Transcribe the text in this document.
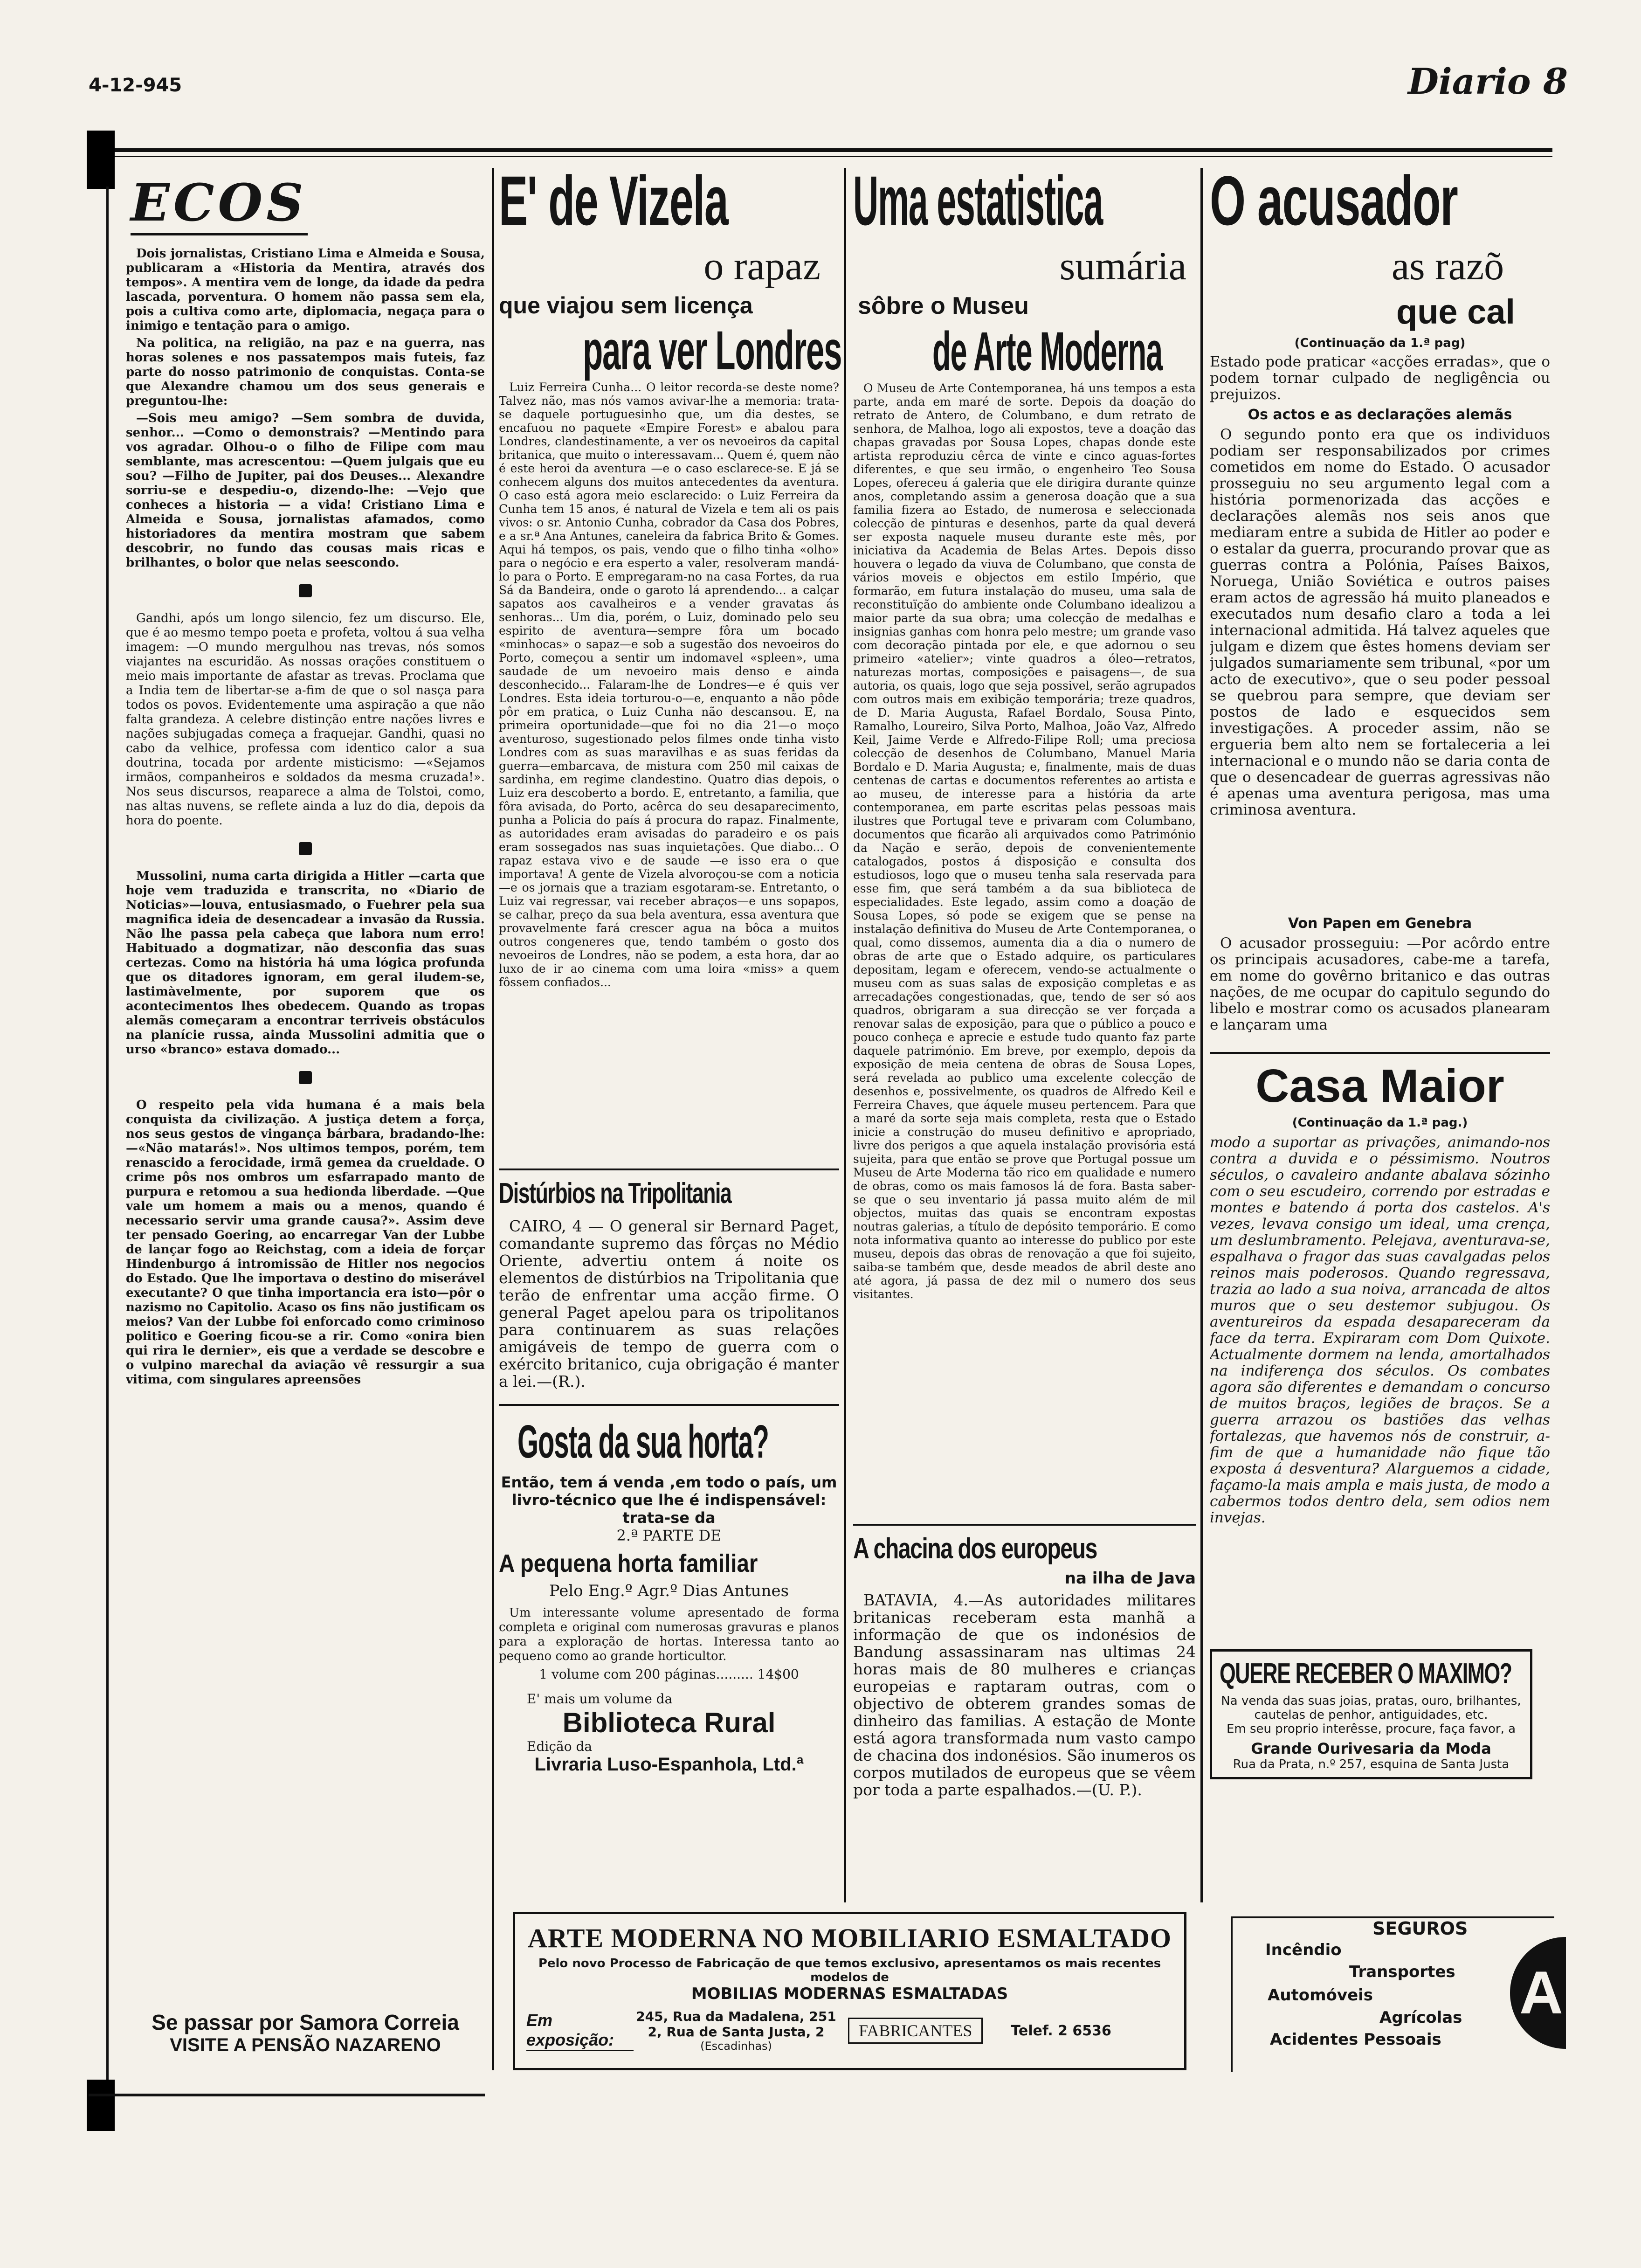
4-12-945	Diario 8
ECOS

Dois jornalistas, Cristiano Lima e Almeida e Sousa, publicaram a «Historia da Mentira, através dos tempos». A mentira vem de longe, da idade da pedra lascada, porventura. O homem não passa sem ela, pois a cultiva como arte, diplomacia, negaça para o inimigo e tentação para o amigo.

Na politica, na religião, na paz e na guerra, nas horas solenes e nos passatempos mais futeis, faz parte do nosso patrimonio de conquistas. Conta-se que Alexandre chamou um dos seus generais e preguntou-lhe:

—Sois meu amigo? —Sem sombra de duvida, senhor... —Como o demonstrais? —Mentindo para vos agradar. Olhou-o o filho de Filipe com mau semblante, mas acrescentou: —Quem julgais que eu sou? —Filho de Jupiter, pai dos Deuses... Alexandre sorriu-se e despediu-o, dizendo-lhe: —Vejo que conheces a historia — a vida! Cristiano Lima e Almeida e Sousa, jornalistas afamados, como historiadores da mentira mostram que sabem descobrir, no fundo das cousas mais ricas e brilhantes, o bolor que nelas seescondo.

Gandhi, após um longo silencio, fez um discurso. Ele, que é ao mesmo tempo poeta e profeta, voltou á sua velha imagem: —O mundo mergulhou nas trevas, nós somos viajantes na escuridão. As nossas orações constituem o meio mais importante de afastar as trevas. Proclama que a India tem de libertar-se a-fim de que o sol nasça para todos os povos. Evidentemente uma aspiração a que não falta grandeza. A celebre distinção entre nações livres e nações subjugadas começa a fraquejar. Gandhi, quasi no cabo da velhice, professa com identico calor a sua doutrina, tocada por ardente misticismo: —«Sejamos irmãos, companheiros e soldados da mesma cruzada!». Nos seus discursos, reaparece a alma de Tolstoi, como, nas altas nuvens, se reflete ainda a luz do dia, depois da hora do poente.

Mussolini, numa carta dirigida a Hitler —carta que hoje vem traduzida e transcrita, no «Diario de Noticias»—louva, entusiasmado, o Fuehrer pela sua magnifica ideia de desencadear a invasão da Russia. Não lhe passa pela cabeça que labora num erro! Habituado a dogmatizar, não desconfia das suas certezas. Como na história há uma lógica profunda que os ditadores ignoram, em geral iludem-se, lastimàvelmente, por suporem que os acontecimentos lhes obedecem. Quando as tropas alemãs começaram a encontrar terriveis obstáculos na planície russa, ainda Mussolini admitia que o urso «branco» estava domado...

O respeito pela vida humana é a mais bela conquista da civilização. A justiça detem a força, nos seus gestos de vingança bárbara, bradando-lhe: —«Não matarás!». Nos ultimos tempos, porém, tem renascido a ferocidade, irmã gemea da crueldade. O crime pôs nos ombros um esfarrapado manto de purpura e retomou a sua hedionda liberdade. —Que vale um homem a mais ou a menos, quando é necessario servir uma grande causa?». Assim deve ter pensado Goering, ao encarregar Van der Lubbe de lançar fogo ao Reichstag, com a ideia de forçar Hindenburgo á intromissão de Hitler nos negocios do Estado. Que lhe importava o destino do miserável executante? O que tinha importancia era isto—pôr o nazismo no Capitolio. Acaso os fins não justificam os meios? Van der Lubbe foi enforcado como criminoso politico e Goering ficou-se a rir. Como «onira bien qui rira le dernier», eis que a verdade se descobre e o vulpino marechal da aviação vê ressurgir a sua vitima, com singulares apreensões

Se passar por Samora Correia
VISITE A PENSÃO NAZARENO
E' de Vizela
o rapaz
que viajou sem licença
para ver Londres

Luiz Ferreira Cunha... O leitor recorda-se deste nome? Talvez não, mas nós vamos avivar-lhe a memoria: trata-se daquele portuguesinho que, um dia destes, se encafuou no paquete «Empire Forest» e abalou para Londres, clandestinamente, a ver os nevoeiros da capital britanica, que muito o interessavam... Quem é, quem não é este heroi da aventura —e o caso esclarece-se. E já se conhecem alguns dos muitos antecedentes da aventura. O caso está agora meio esclarecido: o Luiz Ferreira da Cunha tem 15 anos, é natural de Vizela e tem ali os pais vivos: o sr. Antonio Cunha, cobrador da Casa dos Pobres, e a sr.ª Ana Antunes, caneleira da fabrica Brito & Gomes. Aqui há tempos, os pais, vendo que o filho tinha «olho» para o negócio e era esperto a valer, resolveram mandá-lo para o Porto. E empregaram-no na casa Fortes, da rua Sá da Bandeira, onde o garoto lá aprendendo... a calçar sapatos aos cavalheiros e a vender gravatas ás senhoras... Um dia, porém, o Luiz, dominado pelo seu espirito de aventura—sempre fôra um bocado «minhocas» o sapaz—e sob a sugestão dos nevoeiros do Porto, começou a sentir um indomavel «spleen», uma saudade de um nevoeiro mais denso e ainda desconhecido... Falaram-lhe de Londres—e é quis ver Londres. Esta ideia torturou-o—e, enquanto a não pôde pôr em pratica, o Luiz Cunha não descansou. E, na primeira oportunidade—que foi no dia 21—o moço aventuroso, sugestionado pelos filmes onde tinha visto Londres com as suas maravilhas e as suas feridas da guerra—embarcava, de mistura com 250 mil caixas de sardinha, em regime clandestino. Quatro dias depois, o Luiz era descoberto a bordo. E, entretanto, a familia, que fôra avisada, do Porto, acêrca do seu desaparecimento, punha a Policia do país á procura do rapaz. Finalmente, as autoridades eram avisadas do paradeiro e os pais eram sossegados nas suas inquietações. Que diabo... O rapaz estava vivo e de saude —e isso era o que importava! A gente de Vizela alvoroçou-se com a noticia—e os jornais que a traziam esgotaram-se. Entretanto, o Luiz vai regressar, vai receber abraços—e uns sopapos, se calhar, preço da sua bela aventura, essa aventura que provavelmente fará crescer agua na bôca a muitos outros congeneres que, tendo também o gosto dos nevoeiros de Londres, não se podem, a esta hora, dar ao luxo de ir ao cinema com uma loira «miss» a quem fôssem confiados...

Distúrbios na Tripolitania

CAIRO, 4 — O general sir Bernard Paget, comandante supremo das fôrças no Médio Oriente, advertiu ontem á noite os elementos de distúrbios na Tripolitania que terão de enfrentar uma acção firme. O general Paget apelou para os tripolitanos para continuarem as suas relações amigáveis de tempo de guerra com o exército britanico, cuja obrigação é manter a lei.—(R.).

Gosta da sua horta?
Então, tem á venda ,em todo o país, um livro-técnico que lhe é indispensável: trata-se da
2.ª PARTE DE
A pequena horta familiar
Pelo Eng.º Agr.º Dias Antunes

Um interessante volume apresentado de forma completa e original com numerosas gravuras e planos para a exploração de hortas. Interessa tanto ao pequeno como ao grande horticultor.

1 volume com 200 páginas......... 14$00
E' mais um volume da
Biblioteca Rural
Edição da
Livraria Luso-Espanhola, Ltd.ª
Uma estatistica
sumária
sôbre o Museu
de Arte Moderna

O Museu de Arte Contemporanea, há uns tempos a esta parte, anda em maré de sorte. Depois da doação do retrato de Antero, de Columbano, e dum retrato de senhora, de Malhoa, logo ali expostos, teve a doação das chapas gravadas por Sousa Lopes, chapas donde este artista reproduziu cêrca de vinte e cinco aguas-fortes diferentes, e que seu irmão, o engenheiro Teo Sousa Lopes, ofereceu á galeria que ele dirigira durante quinze anos, completando assim a generosa doação que a sua familia fizera ao Estado, de numerosa e seleccionada colecção de pinturas e desenhos, parte da qual deverá ser exposta naquele museu durante este mês, por iniciativa da Academia de Belas Artes. Depois disso houvera o legado da viuva de Columbano, que consta de vários moveis e objectos em estilo Império, que formarão, em futura instalação do museu, uma sala de reconstituïção do ambiente onde Columbano idealizou a maior parte da sua obra; uma colecção de medalhas e insignias ganhas com honra pelo mestre; um grande vaso com decoração pintada por ele, e que adornou o seu primeiro «atelier»; vinte quadros a óleo—retratos, naturezas mortas, composições e paisagens—, de sua autoria, os quais, logo que seja possivel, serão agrupados com outros mais em exibição temporária; treze quadros, de D. Maria Augusta, Rafael Bordalo, Sousa Pinto, Ramalho, Loureiro, Silva Porto, Malhoa, João Vaz, Alfredo Keil, Jaime Verde e Alfredo-Filipe Roll; uma preciosa colecção de desenhos de Columbano, Manuel Maria Bordalo e D. Maria Augusta; e, finalmente, mais de duas centenas de cartas e documentos referentes ao artista e ao museu, de interesse para a história da arte contemporanea, em parte escritas pelas pessoas mais ilustres que Portugal teve e privaram com Columbano, documentos que ficarão ali arquivados como Património da Nação e serão, depois de convenientemente catalogados, postos á disposição e consulta dos estudiosos, logo que o museu tenha sala reservada para esse fim, que será também a da sua biblioteca de especialidades. Este legado, assim como a doação de Sousa Lopes, só pode se exigem que se pense na instalação definitiva do Museu de Arte Contemporanea, o qual, como dissemos, aumenta dia a dia o numero de obras de arte que o Estado adquire, os particulares depositam, legam e oferecem, vendo-se actualmente o museu com as suas salas de exposição completas e as arrecadações congestionadas, que, tendo de ser só aos quadros, obrigaram a sua direcção se ver forçada a renovar salas de exposição, para que o público a pouco e pouco conheça e aprecie e estude tudo quanto faz parte daquele património. Em breve, por exemplo, depois da exposição de meia centena de obras de Sousa Lopes, será revelada ao publico uma excelente colecção de desenhos e, possivelmente, os quadros de Alfredo Keil e Ferreira Chaves, que áquele museu pertencem. Para que a maré da sorte seja mais completa, resta que o Estado inicie a construção do museu definitivo e apropriado, livre dos perigos a que aquela instalação provisória está sujeita, para que então se prove que Portugal possue um Museu de Arte Moderna tão rico em qualidade e numero de obras, como os mais famosos lá de fora. Basta saber-se que o seu inventario já passa muito além de mil objectos, muitas das quais se encontram expostas noutras galerias, a título de depósito temporário. E como nota informativa quanto ao interesse do publico por este museu, depois das obras de renovação a que foi sujeito, saiba-se também que, desde meados de abril deste ano até agora, já passa de dez mil o numero dos seus visitantes.

A chacina dos europeus
na ilha de Java

BATAVIA, 4.—As autoridades militares britanicas receberam esta manhã a informação de que os indonésios de Bandung assassinaram nas ultimas 24 horas mais de 80 mulheres e crianças europeias e raptaram outras, com o objectivo de obterem grandes somas de dinheiro das familias. A estação de Monte está agora transformada num vasto campo de chacina dos indonésios. São inumeros os corpos mutilados de europeus que se vêem por toda a parte espalhados.—(U. P.).

O acusador
as razõ
que cal
(Continuação da 1.ª pag)

Estado pode praticar «acções erradas», que o podem tornar culpado de negligência ou prejuizos.

Os actos e as declarações alemãs

O segundo ponto era que os individuos podiam ser responsabilizados por crimes cometidos em nome do Estado. O acusador prosseguiu no seu argumento legal com a história pormenorizada das acções e declarações alemãs nos seis anos que mediaram entre a subida de Hitler ao poder e o estalar da guerra, procurando provar que as guerras contra a Polónia, Países Baixos, Noruega, União Soviética e outros paises eram actos de agressão há muito planeados e executados num desafio claro a toda a lei internacional admitida. Há talvez aqueles que julgam e dizem que êstes homens deviam ser julgados sumariamente sem tribunal, «por um acto de executivo», que o seu poder pessoal se quebrou para sempre, que deviam ser postos de lado e esquecidos sem investigações. A proceder assim, não se ergueria bem alto nem se fortaleceria a lei internacional e o mundo não se daria conta de que o desencadear de guerras agressivas não é apenas uma aventura perigosa, mas uma criminosa aventura.

Von Papen em Genebra

O acusador prosseguiu: —Por acôrdo entre os principais acusadores, cabe-me a tarefa, em nome do govêrno britanico e das outras nações, de me ocupar do capitulo segundo do libelo e mostrar como os acusados planearam e lançaram uma

Casa Maior
(Continuação da 1.ª pag.)

modo a suportar as privações, animando-nos contra a duvida e o péssimismo. Noutros séculos, o cavaleiro andante abalava sózinho com o seu escudeiro, correndo por estradas e montes e batendo á porta dos castelos. A's vezes, levava consigo um ideal, uma crença, um deslumbramento. Pelejava, aventurava-se, espalhava o fragor das suas cavalgadas pelos reinos mais poderosos. Quando regressava, trazia ao lado a sua noiva, arrancada de altos muros que o seu destemor subjugou. Os aventureiros da espada desapareceram da face da terra. Expiraram com Dom Quixote. Actualmente dormem na lenda, amortalhados na indiferença dos séculos. Os combates agora são diferentes e demandam o concurso de muitos braços, legiões de braços. Se a guerra arrazou os bastiões das velhas fortalezas, que havemos nós de construir, a-fim de que a humanidade não fique tão exposta á desventura? Alarguemos a cidade, façamo-la mais ampla e mais justa, de modo a cabermos todos dentro dela, sem odios nem invejas.

QUERE RECEBER O MAXIMO?
Na venda das suas joias, pratas, ouro, brilhantes, cautelas de penhor, antiguidades, etc.
Em seu proprio interêsse, procure, faça favor, a
Grande Ourivesaria da Moda
Rua da Prata, n.º 257, esquina de Santa Justa
ARTE MODERNA NO MOBILIARIO ESMALTADO
Pelo novo Processo de Fabricação de que temos exclusivo, apresentamos os mais recentes modelos de
MOBILIAS MODERNAS ESMALTADAS
Em exposição:
245, Rua da Madalena, 251
2, Rua de Santa Justa, 2
(Escadinhas)
FABRICANTES	Telef. 2 6536
SEGUROS
Incêndio
Transportes
Automóveis
Agrícolas
Acidentes Pessoais
A
